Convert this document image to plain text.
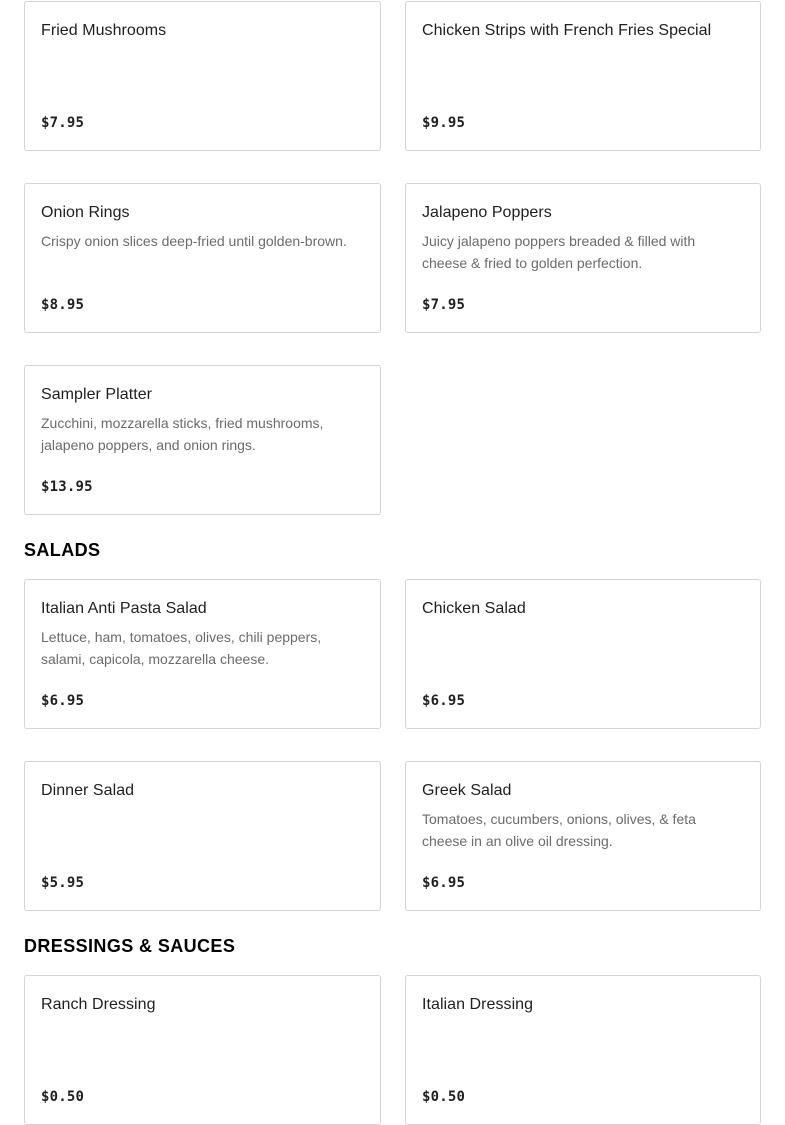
Fried Mushrooms
$7.95
Chicken Strips with French Fries Special
$9.95
Onion Rings
Crispy onion slices deep-fried until golden-brown.
$8.95
Jalapeno Poppers
Juicy jalapeno poppers breaded & filled with cheese & fried to golden perfection.
$7.95
Sampler Platter
Zucchini, mozzarella sticks, fried mushrooms, jalapeno poppers, and onion rings.
$13.95
SALADS
Italian Anti Pasta Salad
Lettuce, ham, tomatoes, olives, chili peppers, salami, capicola, mozzarella cheese.
$6.95
Chicken Salad
$6.95
Dinner Salad
$5.95
Greek Salad
Tomatoes, cucumbers, onions, olives, & feta cheese in an olive oil dressing.
$6.95
DRESSINGS & SAUCES
Ranch Dressing
$0.50
Italian Dressing
$0.50
